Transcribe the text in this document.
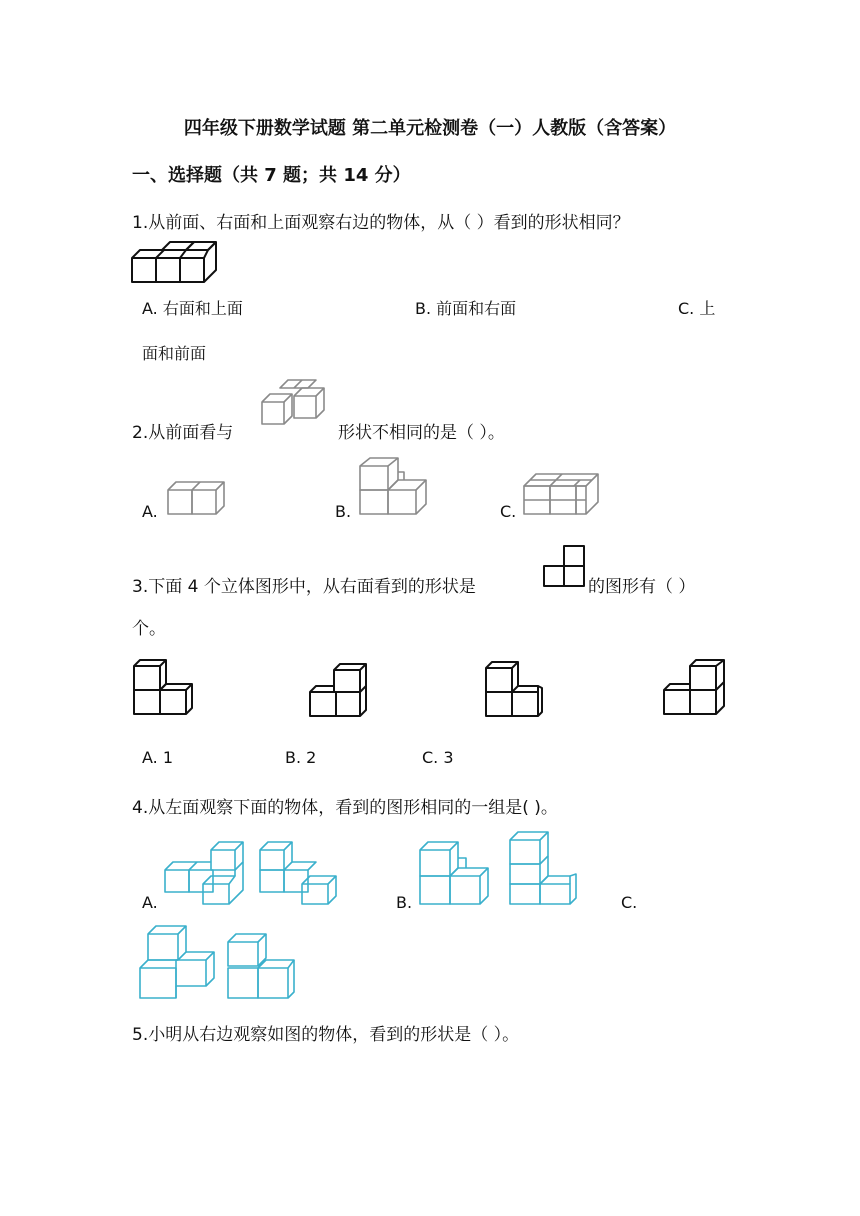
四年级下册数学试题 第二单元检测卷（一）人教版（含答案）
一、选择题（共 7 题；共 14 分）
1.从前面、右面和上面观察右边的物体，从（ ）看到的形状相同？
A. 右面和上面	B. 前面和右面	C. 上
面和前面
2.从前面看与	形状不相同的是（ ）。
A.	B.	C.
3.下面 4 个立体图形中，从右面看到的形状是	的图形有（ ）
个。
A. 1	B. 2	C. 3
4.从左面观察下面的物体，看到的图形相同的一组是( )。
A.	B.	C.
5.小明从右边观察如图的物体，看到的形状是（ ）。
